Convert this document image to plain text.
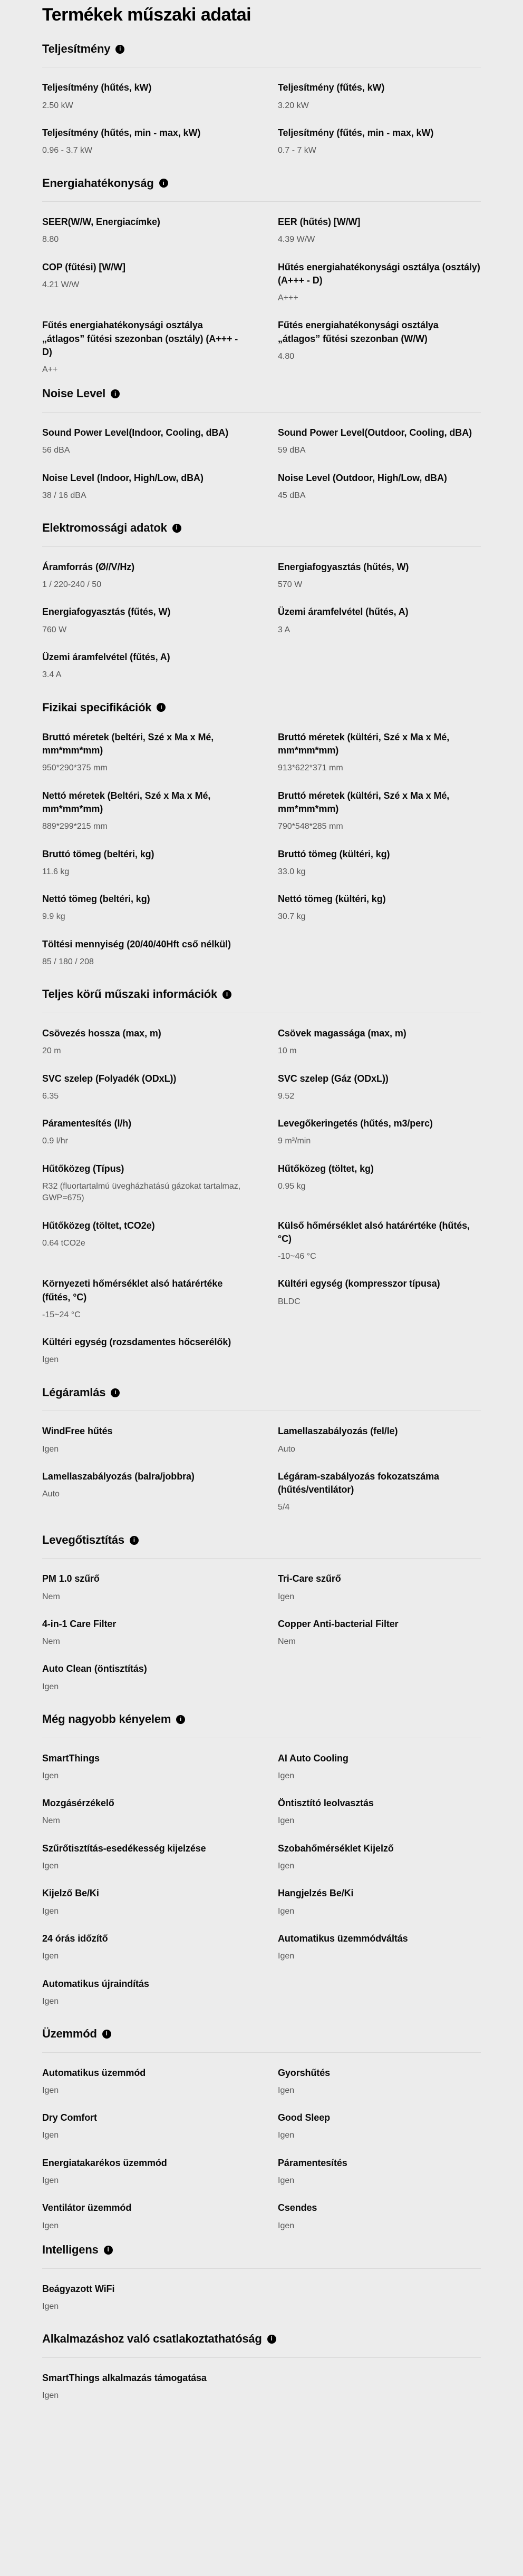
Termékek műszaki adatai
Teljesítmény	i
Teljesítmény (hűtés, kW)
2.50 kW
Teljesítmény (fűtés, kW)
3.20 kW
Teljesítmény (hűtés, min - max, kW)
0.96 - 3.7 kW
Teljesítmény (fűtés, min - max, kW)
0.7 - 7 kW
Energiahatékonyság	i
SEER(W/W, Energiacímke)
8.80
EER (hűtés) [W/W]
4.39 W/W
COP (fűtési) [W/W]
4.21 W/W
Hűtés energiahatékonysági osztálya (osztály) (A+++ - D)
A+++
Fűtés energiahatékonysági osztálya „átlagos” fűtési szezonban (osztály) (A+++ - D)
A++
Fűtés energiahatékonysági osztálya „átlagos” fűtési szezonban (W/W)
4.80
Noise Level	i
Sound Power Level(Indoor, Cooling, dBA)
56 dBA
Sound Power Level(Outdoor, Cooling, dBA)
59 dBA
Noise Level (Indoor, High/Low, dBA)
38 / 16 dBA
Noise Level (Outdoor, High/Low, dBA)
45 dBA
Elektromossági adatok	i
Áramforrás (Ø//V/Hz)
1 / 220-240 / 50
Energiafogyasztás (hűtés, W)
570 W
Energiafogyasztás (fűtés, W)
760 W
Üzemi áramfelvétel (hűtés, A)
3 A
Üzemi áramfelvétel (fűtés, A)
3.4 A
Fizikai specifikációk	i
Bruttó méretek (beltéri, Szé x Ma x Mé, mm*mm*mm)
950*290*375 mm
Bruttó méretek (kültéri, Szé x Ma x Mé, mm*mm*mm)
913*622*371 mm
Nettó méretek (Beltéri, Szé x Ma x Mé, mm*mm*mm)
889*299*215 mm
Bruttó méretek (kültéri, Szé x Ma x Mé, mm*mm*mm)
790*548*285 mm
Bruttó tömeg (beltéri, kg)
11.6 kg
Bruttó tömeg (kültéri, kg)
33.0 kg
Nettó tömeg (beltéri, kg)
9.9 kg
Nettó tömeg (kültéri, kg)
30.7 kg
Töltési mennyiség (20/40/40Hft cső nélkül)
85 / 180 / 208
Teljes körű műszaki információk	i
Csövezés hossza (max, m)
20 m
Csövek magassága (max, m)
10 m
SVC szelep (Folyadék (ODxL))
6.35
SVC szelep (Gáz (ODxL))
9.52
Páramentesítés (l/h)
0.9 l/hr
Levegőkeringetés (hűtés, m3/perc)
9 m³/min
Hűtőközeg (Típus)
R32 (fluortartalmú üvegházhatású gázokat tartalmaz, GWP=675)
Hűtőközeg (töltet, kg)
0.95 kg
Hűtőközeg (töltet, tCO2e)
0.64 tCO2e
Külső hőmérséklet alsó határértéke (hűtés, °C)
-10~46 °C
Környezeti hőmérséklet alsó határértéke (fűtés, °C)
-15~24 °C
Kültéri egység (kompresszor típusa)
BLDC
Kültéri egység (rozsdamentes hőcserélők)
Igen
Légáramlás	i
WindFree hűtés
Igen
Lamellaszabályozás (fel/le)
Auto
Lamellaszabályozás (balra/jobbra)
Auto
Légáram-szabályozás fokozatszáma (hűtés/ventilátor)
5/4
Levegőtisztítás	i
PM 1.0 szűrő
Nem
Tri-Care szűrő
Igen
4-in-1 Care Filter
Nem
Copper Anti-bacterial Filter
Nem
Auto Clean (öntisztítás)
Igen
Még nagyobb kényelem	i
SmartThings
Igen
AI Auto Cooling
Igen
Mozgásérzékelő
Nem
Öntisztító leolvasztás
Igen
Szűrőtisztítás-esedékesség kijelzése
Igen
Szobahőmérséklet Kijelző
Igen
Kijelző Be/Ki
Igen
Hangjelzés Be/Ki
Igen
24 órás időzítő
Igen
Automatikus üzemmódváltás
Igen
Automatikus újraindítás
Igen
Üzemmód	i
Automatikus üzemmód
Igen
Gyorshűtés
Igen
Dry Comfort
Igen
Good Sleep
Igen
Energiatakarékos üzemmód
Igen
Páramentesítés
Igen
Ventilátor üzemmód
Igen
Csendes
Igen
Intelligens	i
Beágyazott WiFi
Igen
Alkalmazáshoz való csatlakoztathatóság	i
SmartThings alkalmazás támogatása
Igen
